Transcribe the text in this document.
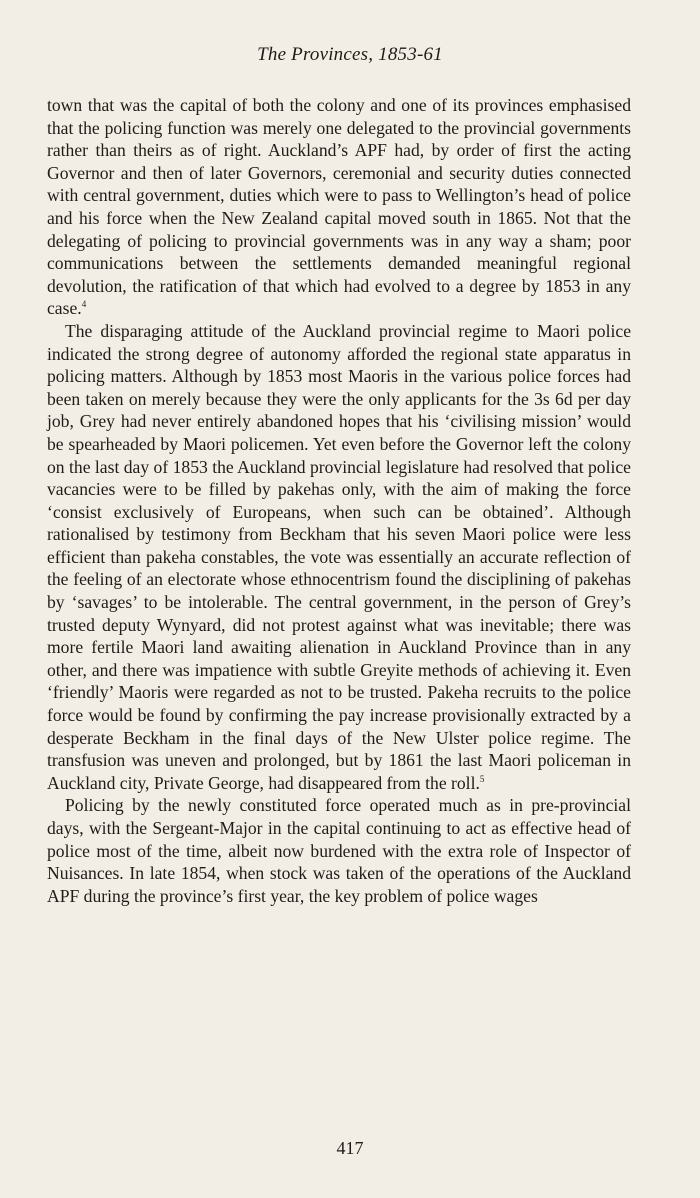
The Provinces, 1853-61

town that was the capital of both the colony and one of its provinces emphasised that the policing function was merely one delegated to the provincial governments rather than theirs as of right. Auckland’s APF had, by order of first the acting Governor and then of later Governors, ceremonial and security duties connected with central government, duties which were to pass to Wellington’s head of police and his force when the New Zealand capital moved south in 1865. Not that the delegating of policing to provincial governments was in any way a sham; poor communications between the settlements demanded meaningful regional devolution, the ratification of that which had evolved to a degree by 1853 in any case.$^4$

The disparaging attitude of the Auckland provincial regime to Maori police indicated the strong degree of autonomy afforded the regional state apparatus in policing matters. Although by 1853 most Maoris in the various police forces had been taken on merely because they were the only applicants for the 3s 6d per day job, Grey had never entirely abandoned hopes that his ‘civilising mission’ would be spearheaded by Maori policemen. Yet even before the Governor left the colony on the last day of 1853 the Auckland provincial legislature had resolved that police vacancies were to be filled by pakehas only, with the aim of making the force ‘consist exclusively of Europeans, when such can be obtained’. Although rationalised by testimony from Beckham that his seven Maori police were less efficient than pakeha constables, the vote was essentially an accurate reflection of the feeling of an electorate whose ethnocentrism found the disciplining of pakehas by ‘savages’ to be intolerable. The central government, in the person of Grey’s trusted deputy Wynyard, did not protest against what was inevitable; there was more fertile Maori land awaiting alienation in Auckland Province than in any other, and there was impatience with subtle Greyite methods of achieving it. Even ‘friendly’ Maoris were regarded as not to be trusted. Pakeha recruits to the police force would be found by confirming the pay increase provisionally extracted by a desperate Beckham in the final days of the New Ulster police regime. The transfusion was uneven and prolonged, but by 1861 the last Maori policeman in Auckland city, Private George, had disappeared from the roll.$^5$

Policing by the newly constituted force operated much as in pre-provincial days, with the Sergeant-Major in the capital continuing to act as effective head of police most of the time, albeit now burdened with the extra role of Inspector of Nuisances. In late 1854, when stock was taken of the operations of the Auckland APF during the province’s first year, the key problem of police wages

417
